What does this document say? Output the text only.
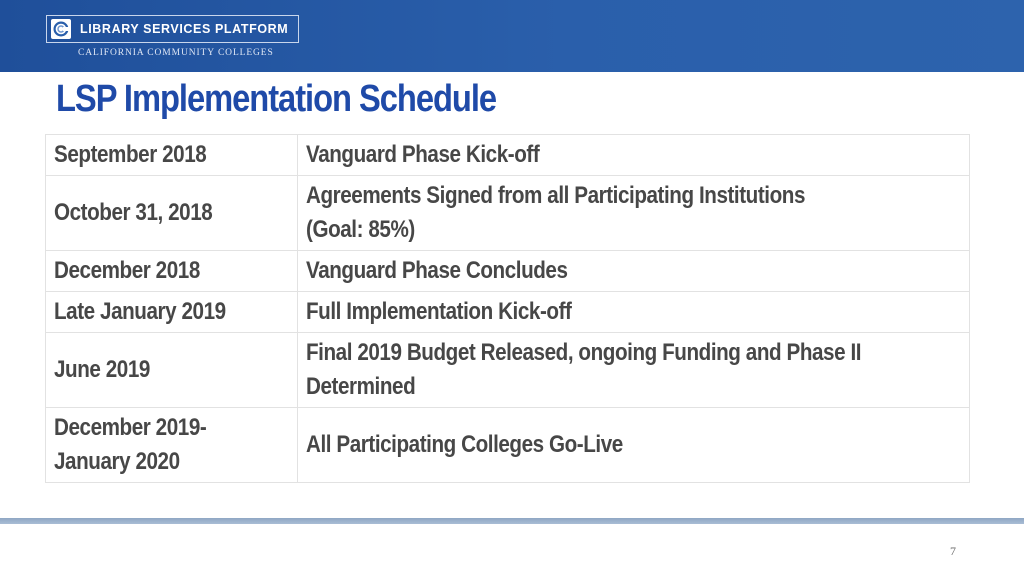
LIBRARY SERVICES PLATFORM
CALIFORNIA COMMUNITY COLLEGES
LSP Implementation Schedule
September 2018	Vanguard Phase Kick-off
October 31, 2018	Agreements Signed from all Participating Institutions
(Goal: 85%)
December 2018	Vanguard Phase Concludes
Late January 2019	Full Implementation Kick-off
June 2019	Final 2019 Budget Released, ongoing Funding and Phase II
Determined
December 2019-
January 2020	All Participating Colleges Go-Live
7
